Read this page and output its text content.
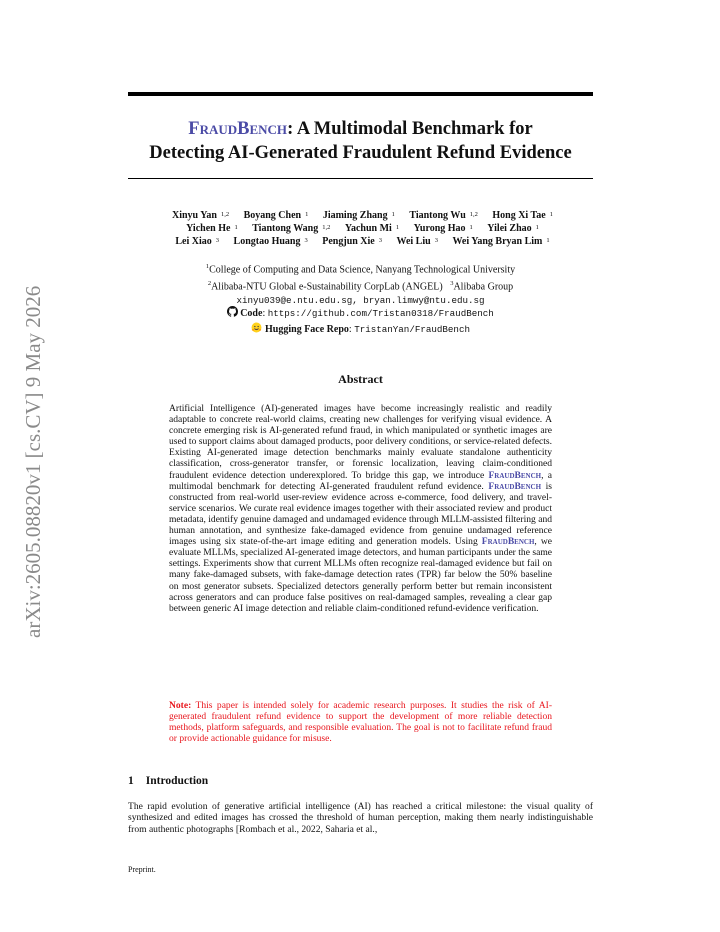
arXiv:2605.08820v1 [cs.CV] 9 May 2026
FraudBench: A Multimodal Benchmark for
Detecting AI-Generated Fraudulent Refund Evidence
Xinyu Yan $^{1,2}$ Boyang Chen $^1$ Jiaming Zhang $^1$ Tiantong Wu $^{1,2}$ Hong Xi Tae $^1$
Yichen He $^1$ Tiantong Wang $^{1,2}$ Yachun Mi $^1$ Yurong Hao $^1$ Yilei Zhao $^1$
Lei Xiao $^3$ Longtao Huang $^3$ Pengjun Xie $^3$ Wei Liu $^3$ Wei Yang Bryan Lim $^1$
$^1$College of Computing and Data Science, Nanyang Technological University
$^2$Alibaba-NTU Global e-Sustainability CorpLab (ANGEL) $^3$Alibaba Group
xinyu039@e.ntu.edu.sg, bryan.limwy@ntu.edu.sg
Code: https://github.com/Tristan0318/FraudBench
Hugging Face Repo: TristanYan/FraudBench
Abstract
Artificial Intelligence (AI)-generated images have become increasingly realistic and readily adaptable to concrete real-world claims, creating new challenges for verifying visual evidence. A concrete emerging risk is AI-generated refund fraud, in which manipulated or synthetic images are used to support claims about damaged products, poor delivery conditions, or service-related defects. Existing AI-generated image detection benchmarks mainly evaluate standalone authenticity classification, cross-generator transfer, or forensic localization, leaving claim-conditioned fraudulent evidence detection underexplored. To bridge this gap, we introduce FraudBench, a multimodal benchmark for detecting AI-generated fraudulent refund evidence. FraudBench is constructed from real-world user-review evidence across e-commerce, food delivery, and travel-service scenarios. We curate real evidence images together with their associated review and product metadata, identify genuine damaged and undamaged evidence through MLLM-assisted filtering and human annotation, and synthesize fake-damaged evidence from genuine undamaged reference images using six state-of-the-art image editing and generation models. Using FraudBench, we evaluate MLLMs, specialized AI-generated image detectors, and human participants under the same settings. Experiments show that current MLLMs often recognize real-damaged evidence but fail on many fake-damaged subsets, with fake-damage detection rates (TPR) far below the 50% baseline on most generator subsets. Specialized detectors generally perform better but remain inconsistent across generators and can produce false positives on real-damaged samples, revealing a clear gap between generic AI image detection and reliable claim-conditioned refund-evidence verification.
Note: This paper is intended solely for academic research purposes. It studies the risk of AI-generated fraudulent refund evidence to support the development of more reliable detection methods, platform safeguards, and responsible evaluation. The goal is not to facilitate refund fraud or provide actionable guidance for misuse.
1 Introduction
The rapid evolution of generative artificial intelligence (AI) has reached a critical milestone: the visual quality of synthesized and edited images has crossed the threshold of human perception, making them nearly indistinguishable from authentic photographs [Rombach et al., 2022, Saharia et al.,
Preprint.
